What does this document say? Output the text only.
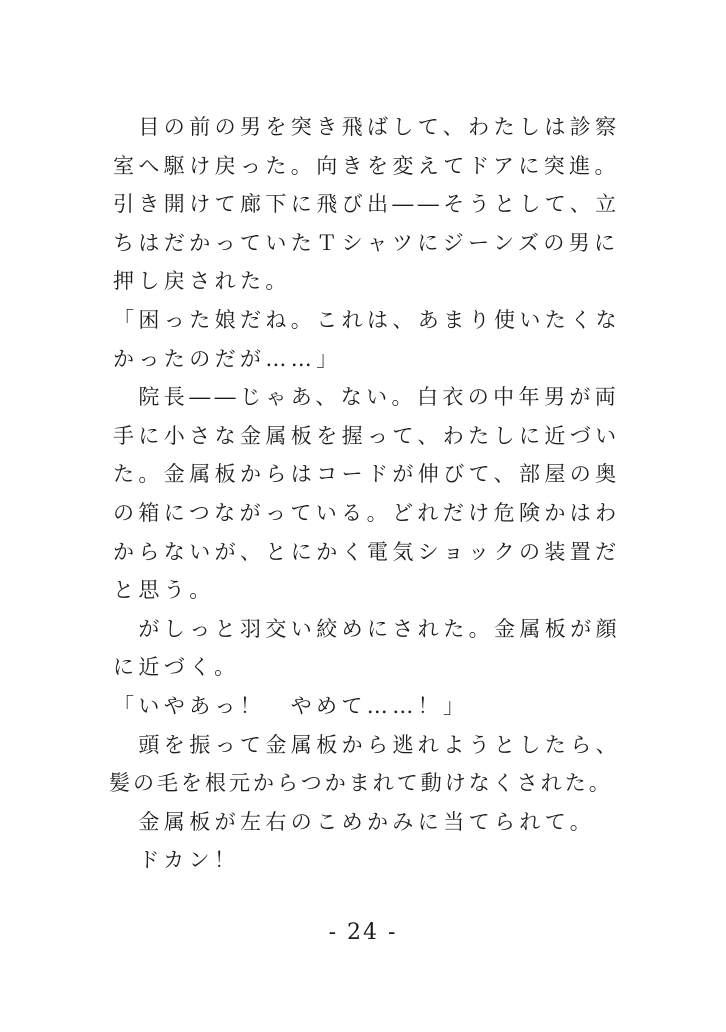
　目の前の男を突き飛ばして、わたしは診察
室へ駆け戻った。向きを変えてドアに突進。
引き開けて廊下に飛び出――そうとして、立
ちはだかっていたＴシャツにジーンズの男に
押し戻された。
「困った娘だね。これは、あまり使いたくな
かったのだが……」
　院長――じゃあ、ない。白衣の中年男が両
手に小さな金属板を握って、わたしに近づい
た。金属板からはコードが伸びて、部屋の奥
の箱につながっている。どれだけ危険かはわ
からないが、とにかく電気ショックの装置だ
と思う。
　がしっと羽交い絞めにされた。金属板が顔
に近づく。
「いやあっ！　やめて……！」
　頭を振って金属板から逃れようとしたら、
髪の毛を根元からつかまれて動けなくされた。
　金属板が左右のこめかみに当てられて。
　ドカン！
- 24 -
